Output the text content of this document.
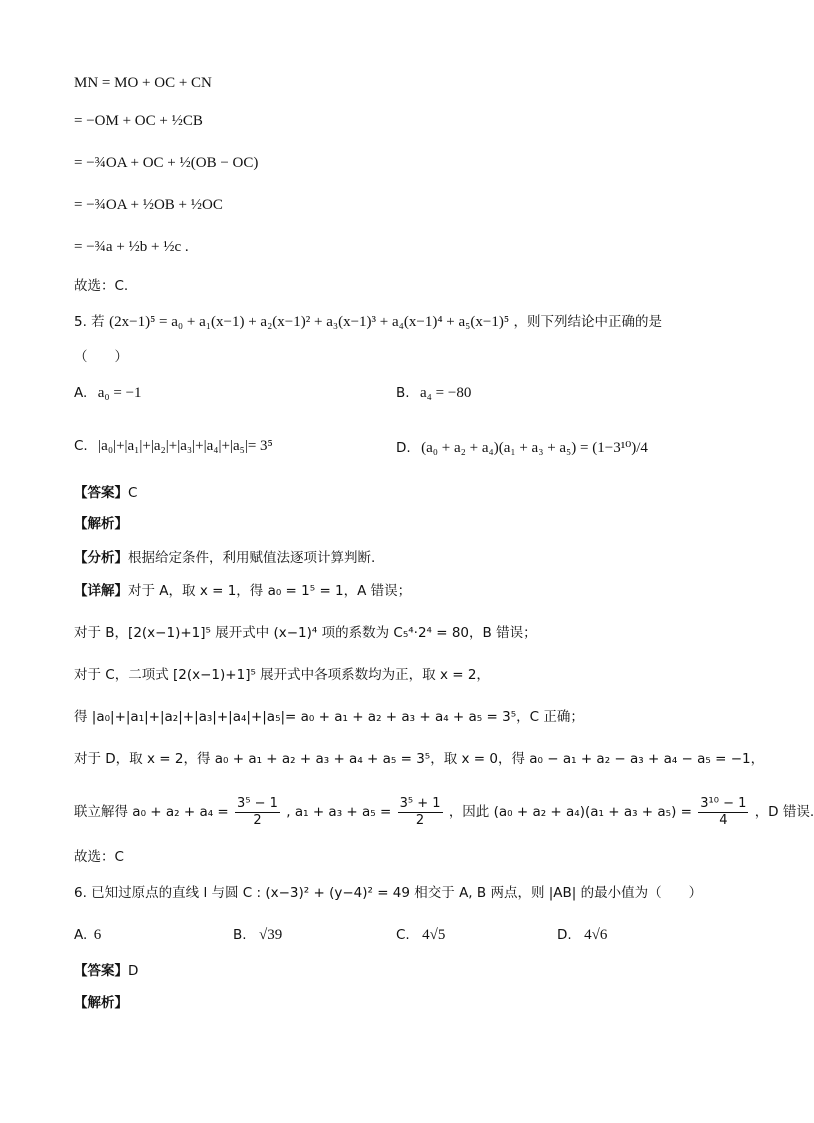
MN = MO + OC + CN
= −OM + OC + ½CB
= −¾OA + OC + ½(OB − OC)
= −¾OA + ½OB + ½OC
= −¾a + ½b + ½c .
故选：C.
5. 若 (2x−1)⁵ = a₀ + a₁(x−1) + a₂(x−1)² + a₃(x−1)³ + a₄(x−1)⁴ + a₅(x−1)⁵ ，则下列结论中正确的是
（　　）
A. a₀ = −1	B. a₄ = −80
C. |a₀|+|a₁|+|a₂|+|a₃|+|a₄|+|a₅|= 3⁵	D. (a₀ + a₂ + a₄)(a₁ + a₃ + a₅) = (1−3¹⁰)/4
【答案】C
【解析】
【分析】根据给定条件，利用赋值法逐项计算判断.
【详解】对于 A，取 x = 1，得 a₀ = 1⁵ = 1，A 错误；
对于 B，[2(x−1)+1]⁵ 展开式中 (x−1)⁴ 项的系数为 C₅⁴·2⁴ = 80，B 错误；
对于 C，二项式 [2(x−1)+1]⁵ 展开式中各项系数均为正，取 x = 2，
得 |a₀|+|a₁|+|a₂|+|a₃|+|a₄|+|a₅|= a₀ + a₁ + a₂ + a₃ + a₄ + a₅ = 3⁵，C 正确；
对于 D，取 x = 2，得 a₀ + a₁ + a₂ + a₃ + a₄ + a₅ = 3⁵，取 x = 0，得 a₀ − a₁ + a₂ − a₃ + a₄ − a₅ = −1，
联立解得 $a_0 + a_2 + a_4 = \frac{\text{3⁵ − 1}}{2}$ , $a_1 + a_3 + a_5 = \frac{\text{3⁵ + 1}}{2}$ ，因此 $(a_0 + a_2 + a_4)(a_1 + a_3 + a_5) = \frac{\text{3¹⁰ − 1}}{4}$ ，D 错误.
故选：C
6. 已知过原点的直线 l 与圆 C : (x−3)² + (y−4)² = 49 相交于 A, B 两点，则 |AB| 的最小值为（　　）
A. 6	B. √39	C. 4√5	D. 4√6
【答案】D
【解析】
